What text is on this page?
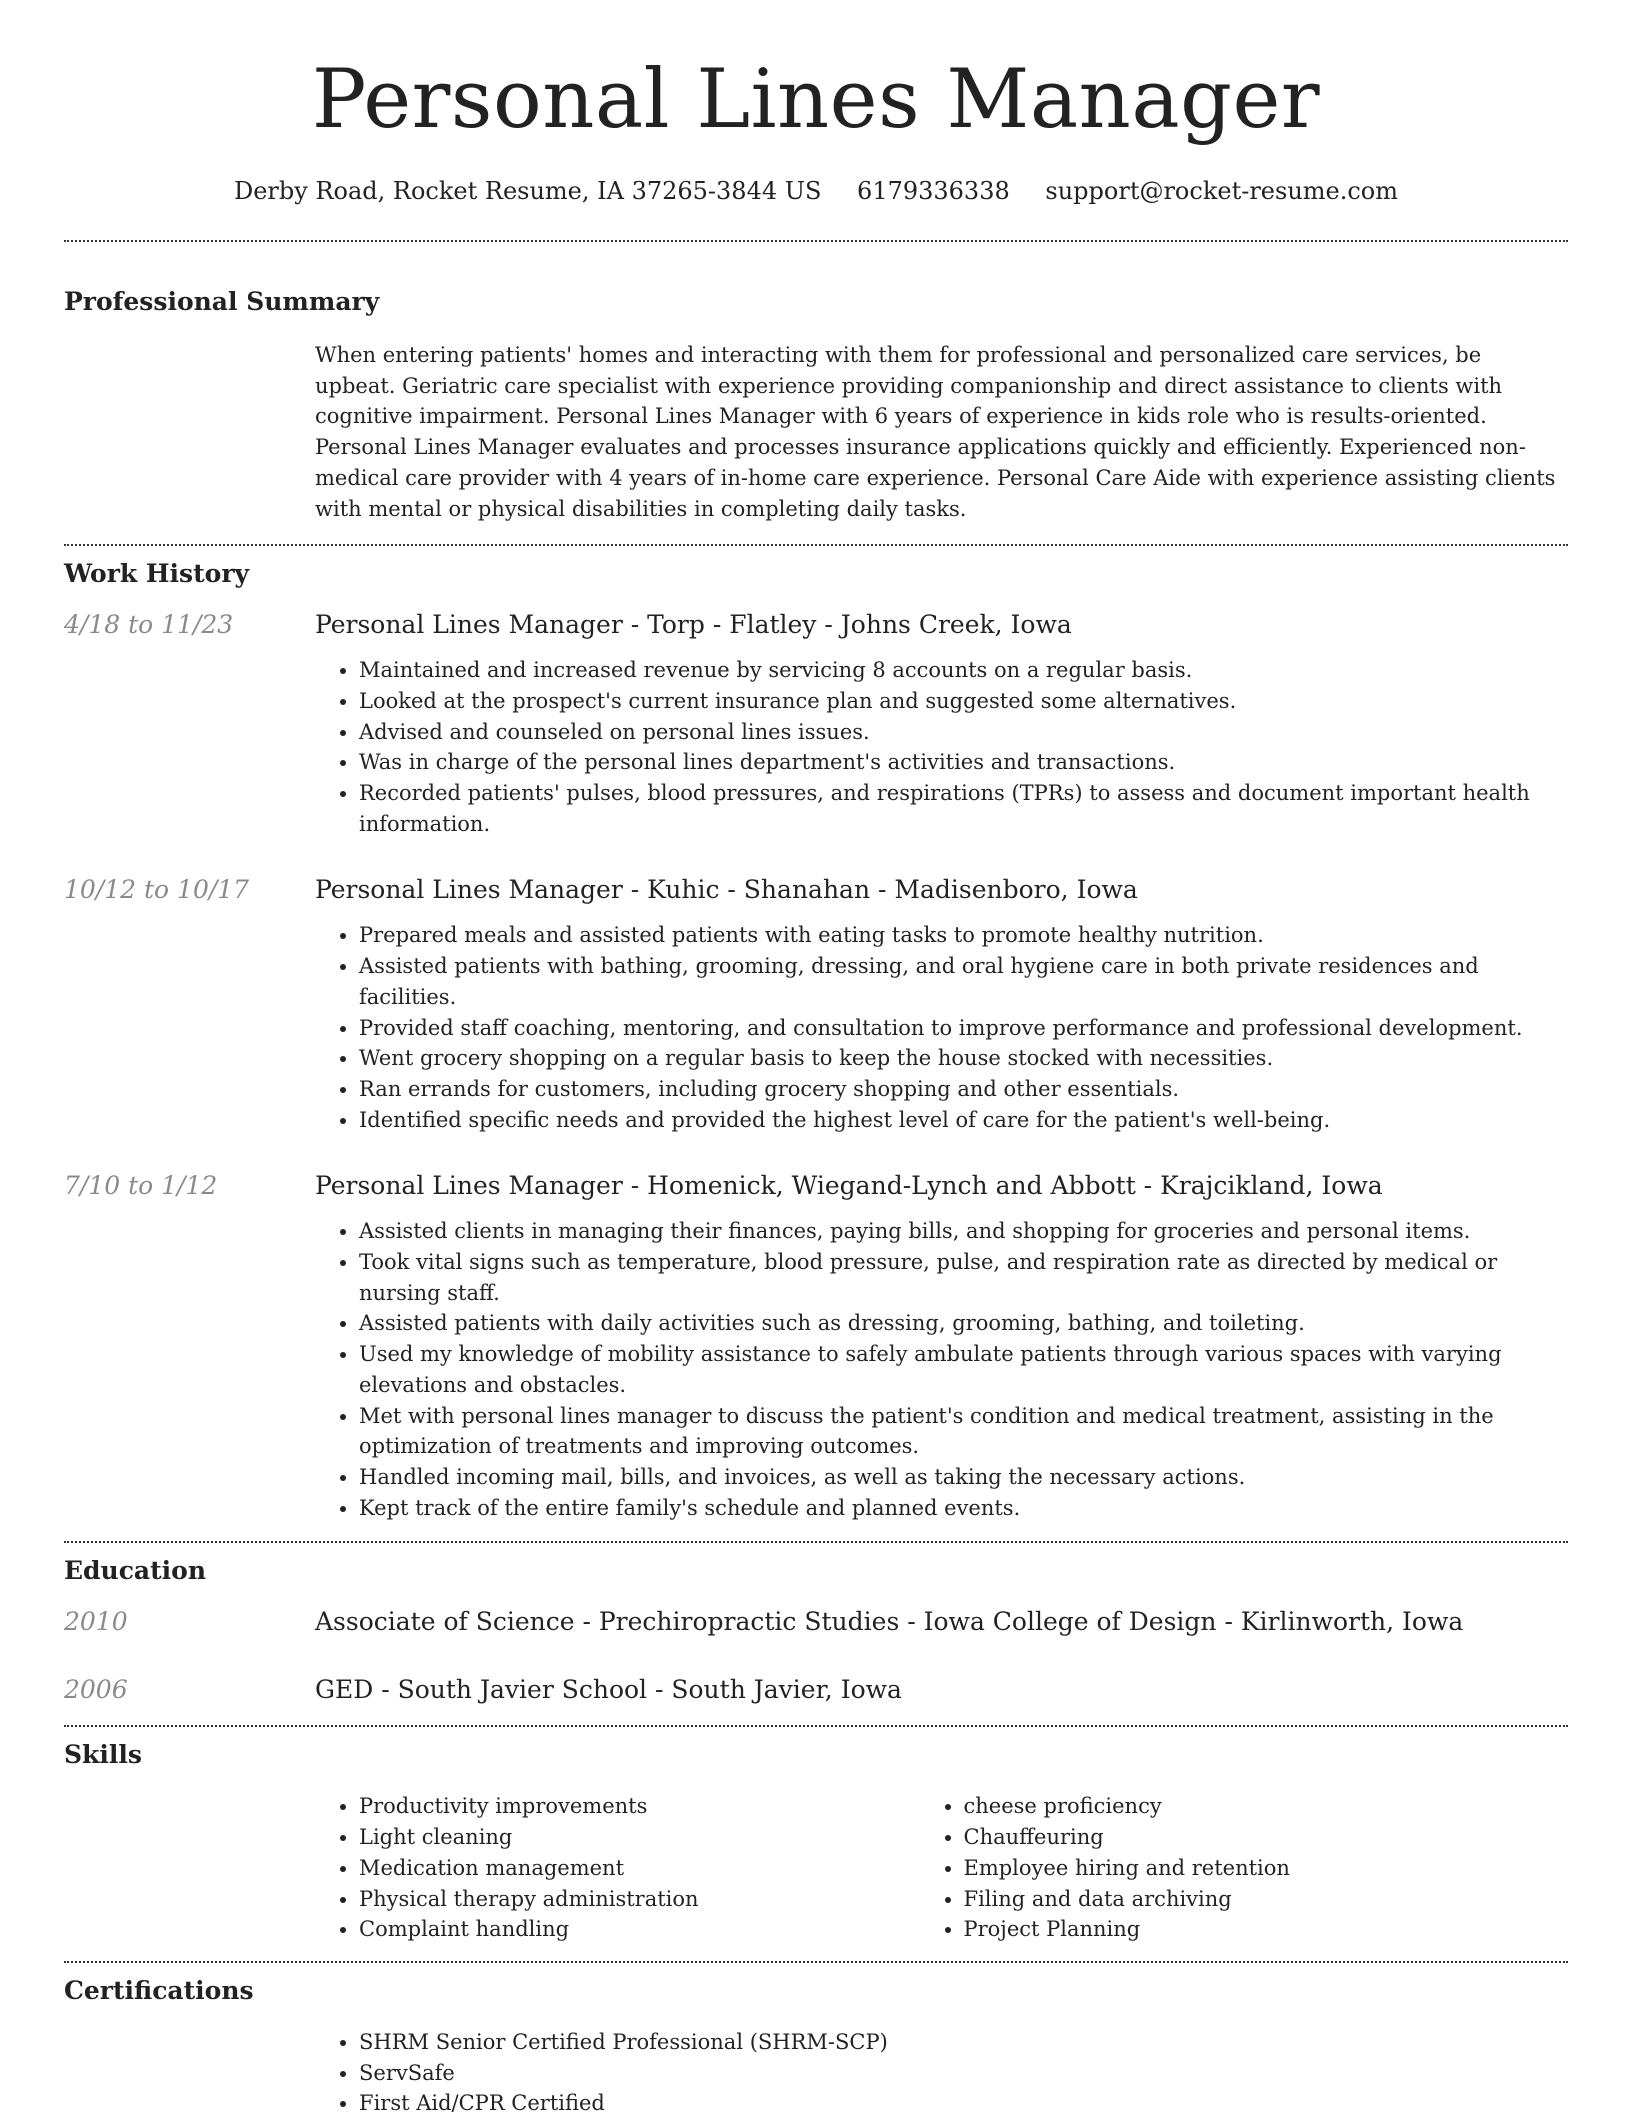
Personal Lines Manager
Derby Road, Rocket Resume, IA 37265-3844 US 6179336338 support@rocket-resume.com
Professional Summary

When entering patients' homes and interacting with them for professional and personalized care services, be upbeat. Geriatric care specialist with experience providing companionship and direct assistance to clients with cognitive impairment. Personal Lines Manager with 6 years of experience in kids role who is results-oriented. Personal Lines Manager evaluates and processes insurance applications quickly and efficiently. Experienced non-medical care provider with 4 years of in-home care experience. Personal Care Aide with experience assisting clients with mental or physical disabilities in completing daily tasks.

Work History
4/18 to 11/23	Personal Lines Manager - Torp - Flatley - Johns Creek, Iowa
• Maintained and increased revenue by servicing 8 accounts on a regular basis.
• Looked at the prospect's current insurance plan and suggested some alternatives.
• Advised and counseled on personal lines issues.
• Was in charge of the personal lines department's activities and transactions.
• Recorded patients' pulses, blood pressures, and respirations (TPRs) to assess and document important health information.
10/12 to 10/17	Personal Lines Manager - Kuhic - Shanahan - Madisenboro, Iowa
• Prepared meals and assisted patients with eating tasks to promote healthy nutrition.
• Assisted patients with bathing, grooming, dressing, and oral hygiene care in both private residences and facilities.
• Provided staff coaching, mentoring, and consultation to improve performance and professional development.
• Went grocery shopping on a regular basis to keep the house stocked with necessities.
• Ran errands for customers, including grocery shopping and other essentials.
• Identified specific needs and provided the highest level of care for the patient's well-being.
7/10 to 1/12	Personal Lines Manager - Homenick, Wiegand-Lynch and Abbott - Krajcikland, Iowa
• Assisted clients in managing their finances, paying bills, and shopping for groceries and personal items.
• Took vital signs such as temperature, blood pressure, pulse, and respiration rate as directed by medical or nursing staff.
• Assisted patients with daily activities such as dressing, grooming, bathing, and toileting.
• Used my knowledge of mobility assistance to safely ambulate patients through various spaces with varying elevations and obstacles.
• Met with personal lines manager to discuss the patient's condition and medical treatment, assisting in the optimization of treatments and improving outcomes.
• Handled incoming mail, bills, and invoices, as well as taking the necessary actions.
• Kept track of the entire family's schedule and planned events.
Education
2010	Associate of Science - Prechiropractic Studies - Iowa College of Design - Kirlinworth, Iowa
2006	GED - South Javier School - South Javier, Iowa
Skills
• Productivity improvements
• Light cleaning
• Medication management
• Physical therapy administration
• Complaint handling
• cheese proficiency
• Chauffeuring
• Employee hiring and retention
• Filing and data archiving
• Project Planning
Certifications
• SHRM Senior Certified Professional (SHRM-SCP)
• ServSafe
• First Aid/CPR Certified
